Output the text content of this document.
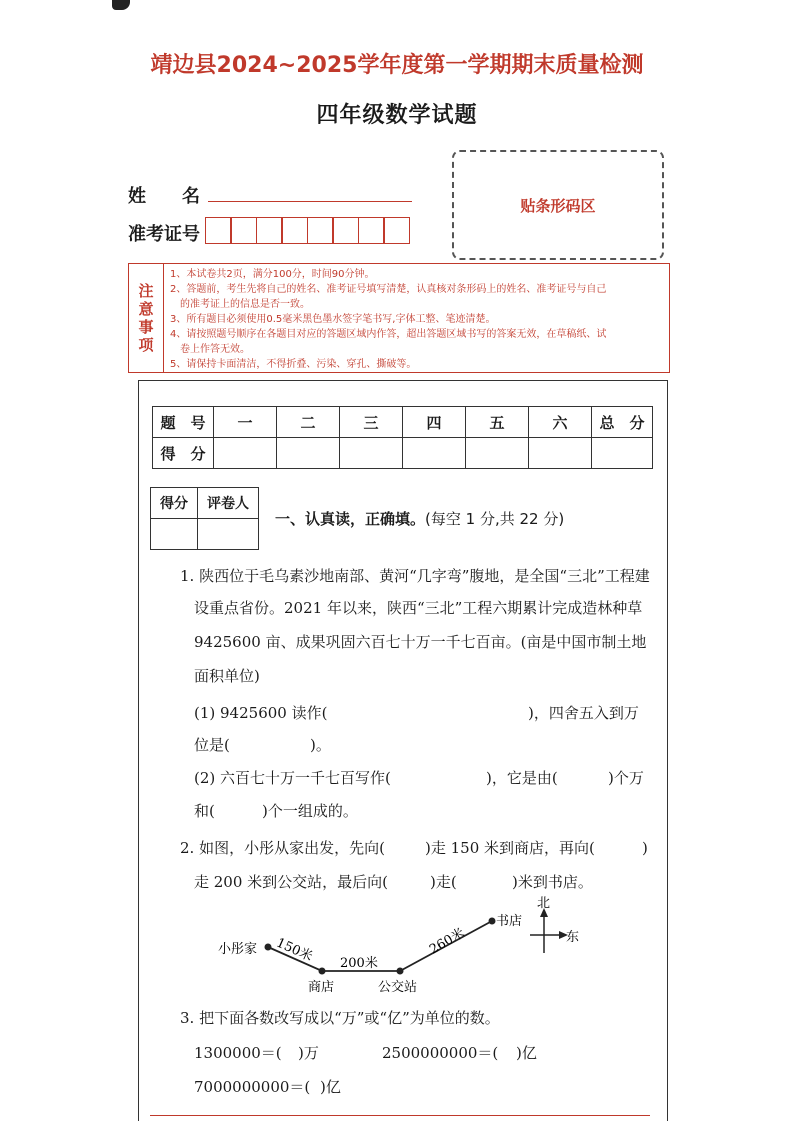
靖边县2024~2025学年度第一学期期末质量检测
四年级数学试题
姓　　名
准考证号
贴条形码区
注
意
事
项
1、本试卷共2页，满分100分，时间90分钟。
2、答题前，考生先将自己的姓名、准考证号填写清楚，认真核对条形码上的姓名、准考证号与自己
　的准考证上的信息是否一致。
3、所有题目必须使用0.5毫米黑色墨水签字笔书写,字体工整、笔迹清楚。
4、请按照题号顺序在各题目对应的答题区域内作答，超出答题区域书写的答案无效，在草稿纸、试
　卷上作答无效。
5、请保持卡面清洁，不得折叠、污染、穿孔、撕破等。
题　号	一	二	三	四	五	六	总　分
得　分							
得分	评卷人

一、认真读，正确填。(每空 1 分,共 22 分)
1. 陕西位于毛乌素沙地南部、黄河“几字弯”腹地，是全国“三北”工程建
设重点省份。2021 年以来，陕西“三北”工程六期累计完成造林种草
9425600 亩、成果巩固六百七十万一千七百亩。(亩是中国市制土地
面积单位)
(1) 9425600 读作(	)，四舍五入到万
位是(	)。
(2) 六百七十万一千七百写作(	)，它是由(	)个万
和(	)个一组成的。
2. 如图，小彤从家出发，先向(	)走 150 米到商店，再向(	)
走 200 米到公交站，最后向(	)走(	)米到书店。
小彤家 150米
商店
200米
公交站
260米
书店
北
东
3. 把下面各数改写成以“万”或“亿”为单位的数。
1300000＝( )万	2500000000＝( )亿
7000000000＝( )亿
